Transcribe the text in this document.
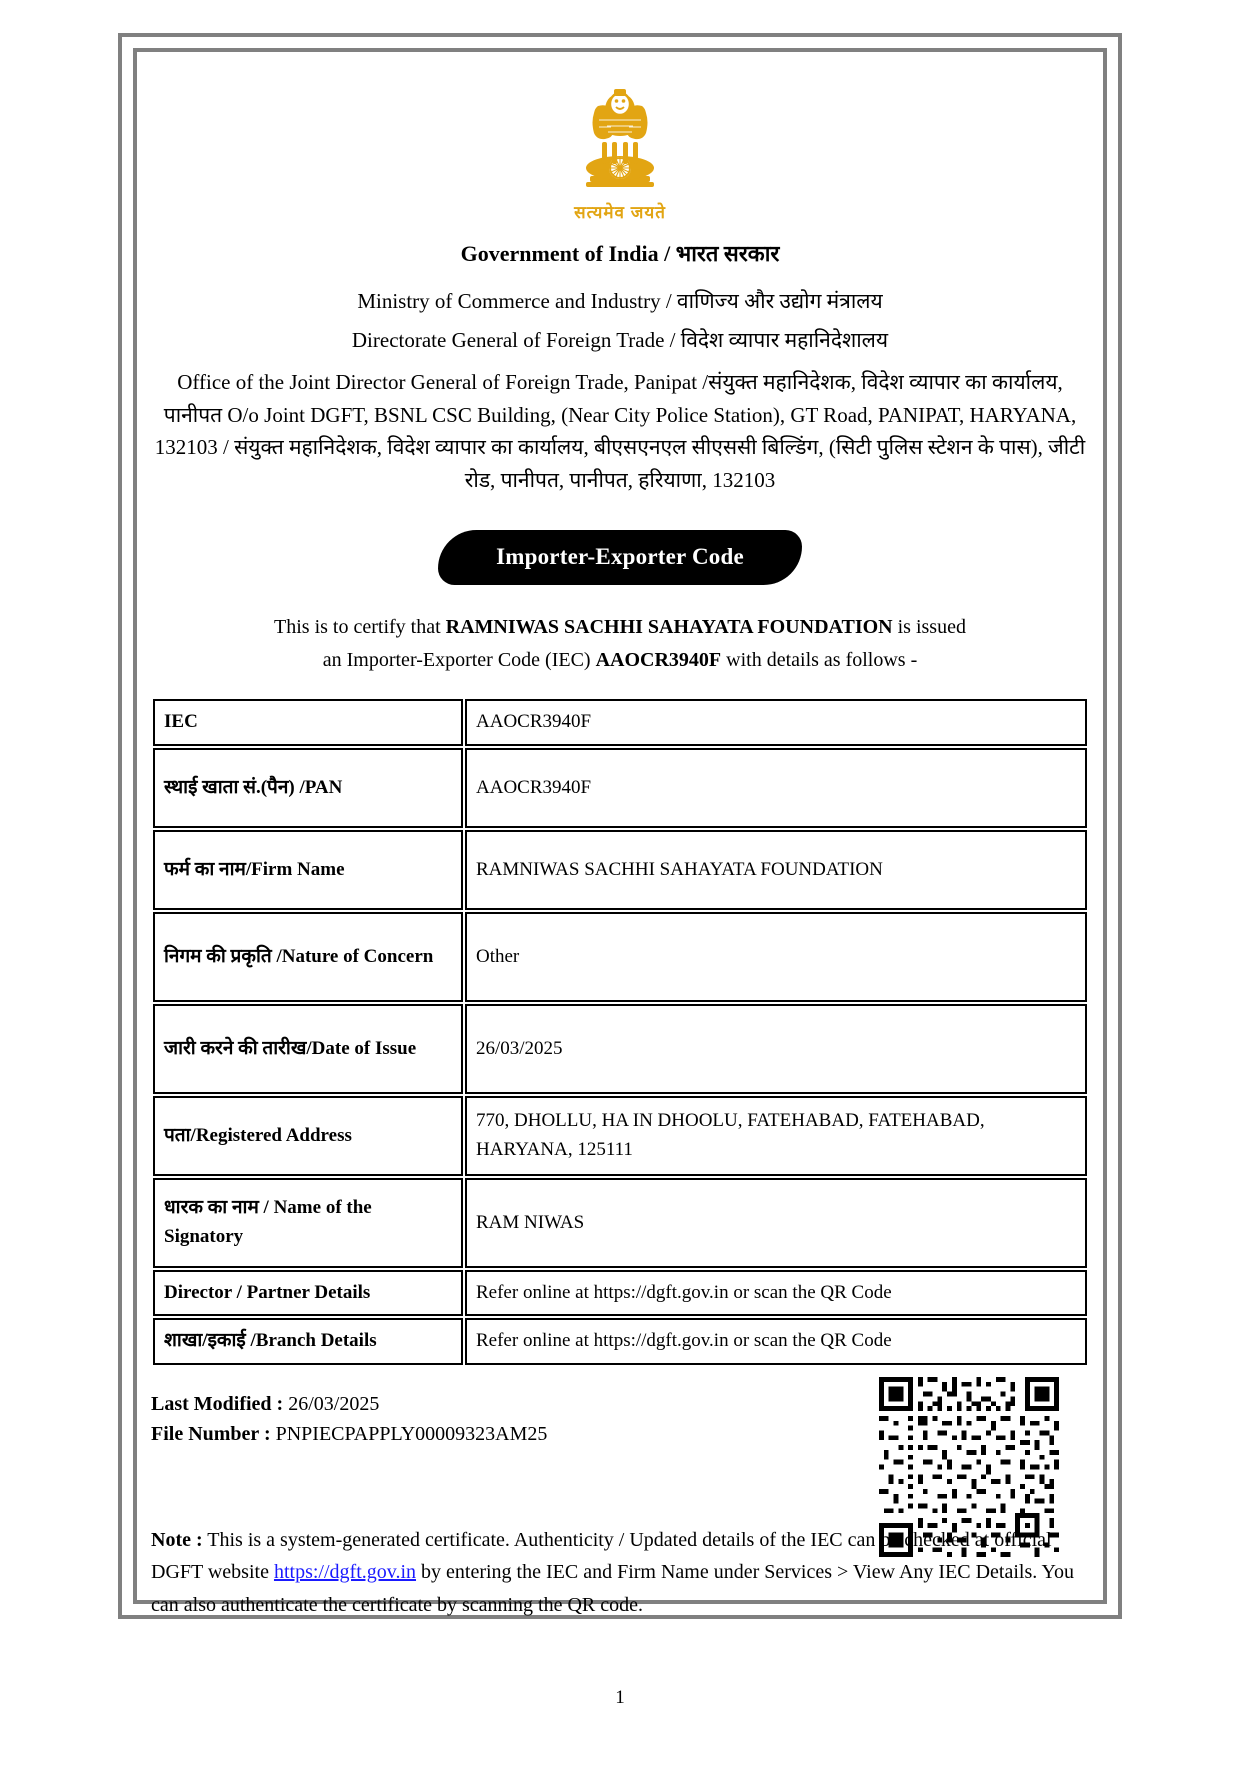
सत्यमेव जयते
Government of India / भारत सरकार
Ministry of Commerce and Industry / वाणिज्य और उद्योग मंत्रालय
Directorate General of Foreign Trade / विदेश व्यापार महानिदेशालय
Office of the Joint Director General of Foreign Trade, Panipat /संयुक्त महानिदेशक, विदेश व्यापार का कार्यालय, पानीपत O/o Joint DGFT, BSNL CSC Building, (Near City Police Station), GT Road, PANIPAT, HARYANA, 132103 / संयुक्त महानिदेशक, विदेश व्यापार का कार्यालय, बीएसएनएल सीएससी बिल्डिंग, (सिटी पुलिस स्टेशन के पास), जीटी रोड, पानीपत, पानीपत, हरियाणा, 132103
Importer-Exporter Code
This is to certify that RAMNIWAS SACHHI SAHAYATA FOUNDATION is issued
an Importer-Exporter Code (IEC) AAOCR3940F with details as follows -
IEC	AAOCR3940F
स्थाई खाता सं.(पैन) /PAN	AAOCR3940F
फर्म का नाम/Firm Name	RAMNIWAS SACHHI SAHAYATA FOUNDATION
निगम की प्रकृति /Nature of Concern	Other
जारी करने की तारीख/Date of Issue	26/03/2025
पता/Registered Address	770, DHOLLU, HA IN DHOOLU, FATEHABAD, FATEHABAD, HARYANA, 125111
धारक का नाम / Name of the Signatory	RAM NIWAS
Director / Partner Details	Refer online at https://dgft.gov.in or scan the QR Code
शाखा/इकाई /Branch Details	Refer online at https://dgft.gov.in or scan the QR Code
Last Modified : 26/03/2025
File Number : PNPIECPAPPLY00009323AM25
Note : This is a system-generated certificate. Authenticity / Updated details of the IEC can be checked at official DGFT website https://dgft.gov.in by entering the IEC and Firm Name under Services > View Any IEC Details. You can also authenticate the certificate by scanning the QR code.
1
